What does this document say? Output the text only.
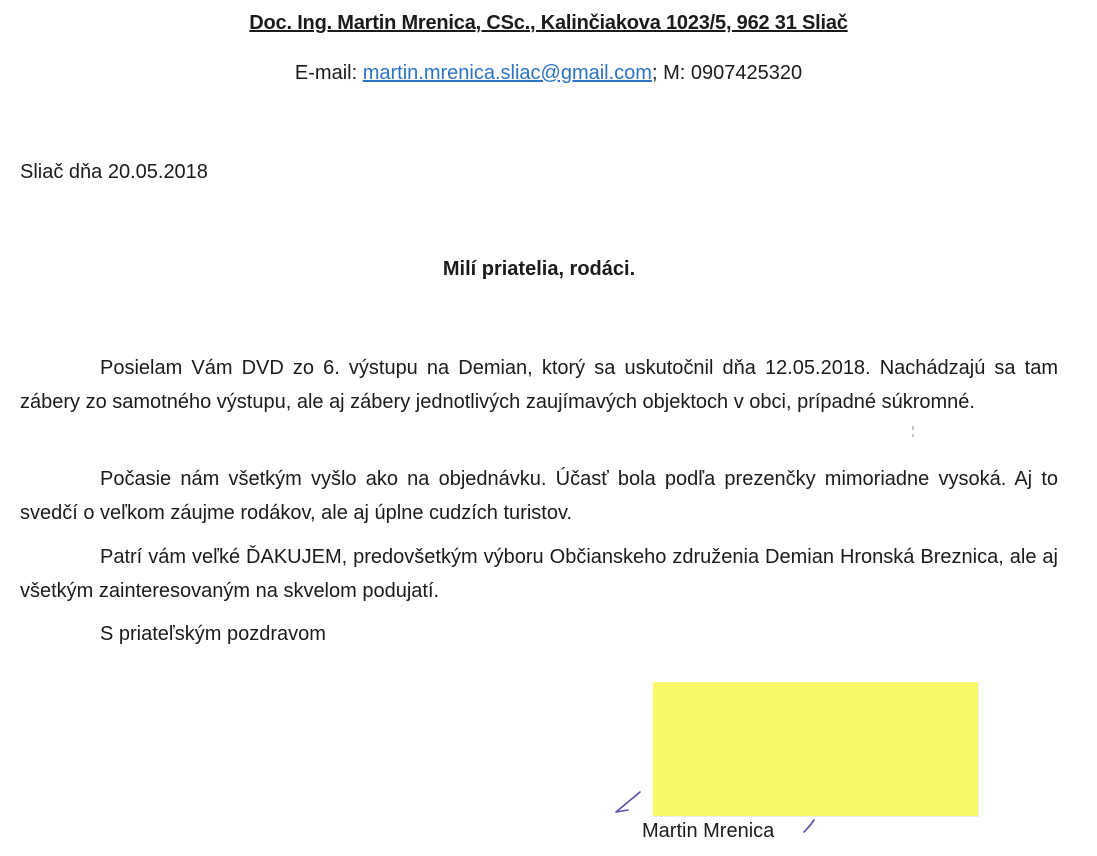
Doc. Ing. Martin Mrenica, CSc., Kalinčiakova 1023/5, 962 31 Sliač
E-mail: martin.mrenica.sliac@gmail.com; M: 0907425320
Sliač dňa 20.05.2018
Milí priatelia, rodáci.

Posielam Vám DVD zo 6. výstupu na Demian, ktorý sa uskutočnil dňa 12.05.2018. Nachádzajú sa tam zábery zo samotného výstupu, ale aj zábery jednotlivých zaujímavých objektoch v obci, prípadné súkromné.

Počasie nám všetkým vyšlo ako na objednávku. Účasť bola podľa prezenčky mimoriadne vysoká. Aj to svedčí o veľkom záujme rodákov, ale aj úplne cudzích turistov.

Patrí vám veľké ĎAKUJEM, predovšetkým výboru Občianskeho združenia Demian Hronská Breznica, ale aj všetkým zainteresovaným na skvelom podujatí.

S priateľským pozdravom
Martin Mrenica
